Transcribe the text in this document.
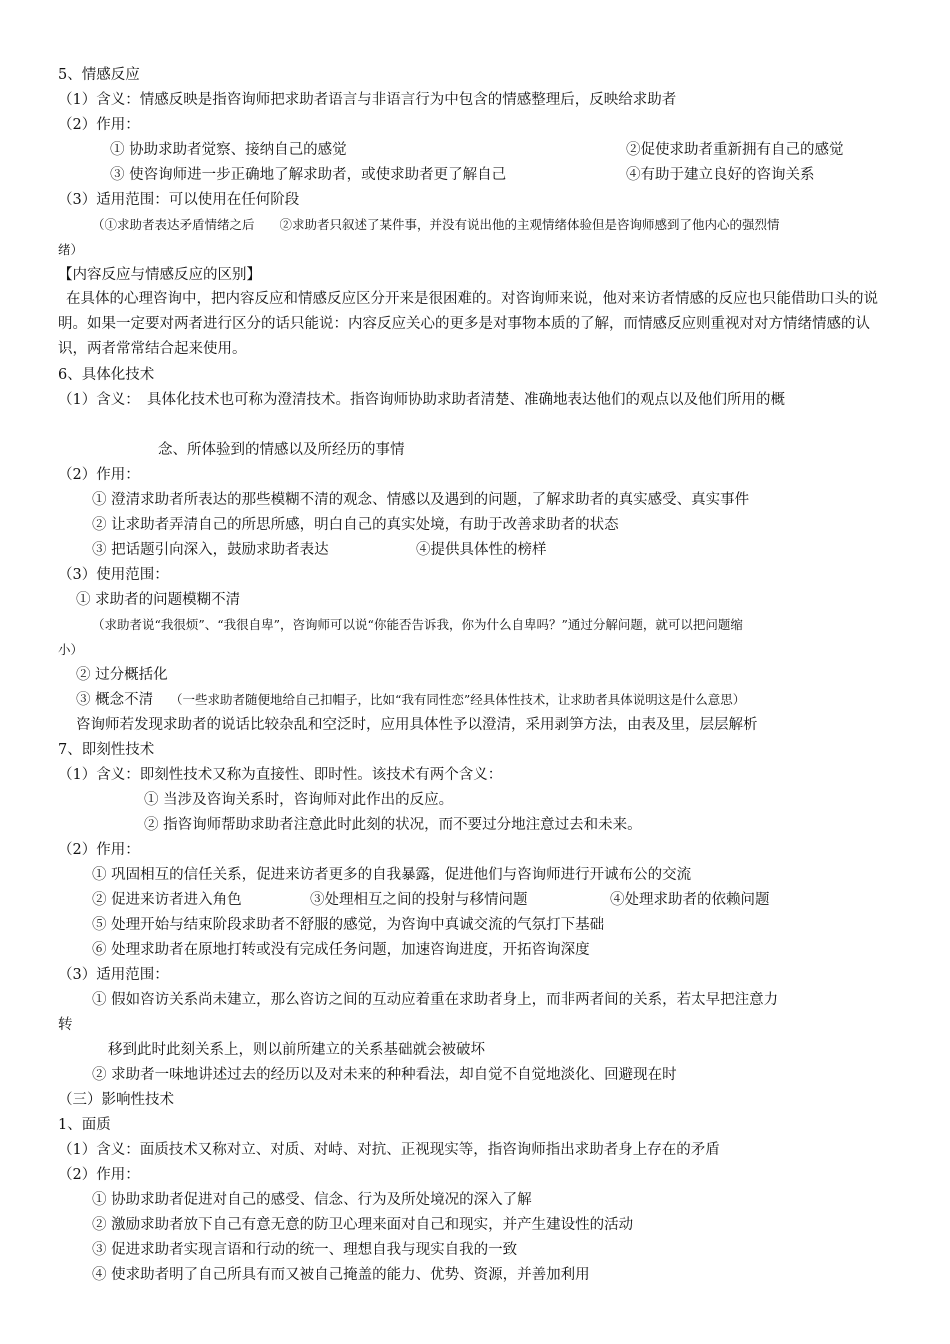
5、情感反应
（1）含义：情感反映是指咨询师把求助者语言与非语言行为中包含的情感整理后，反映给求助者
（2）作用：
① 协助求助者觉察、接纳自己的感觉	②促使求助者重新拥有自己的感觉
③ 使咨询师进一步正确地了解求助者，或使求助者更了解自己	④有助于建立良好的咨询关系
（3）适用范围：可以使用在任何阶段
（①求助者表达矛盾情绪之后　　②求助者只叙述了某件事，并没有说出他的主观情绪体验但是咨询师感到了他内心的强烈情
绪）
【内容反应与情感反应的区别】
在具体的心理咨询中，把内容反应和情感反应区分开来是很困难的。对咨询师来说，他对来访者情感的反应也只能借助口头的说明。如果一定要对两者进行区分的话只能说：内容反应关心的更多是对事物本质的了解，而情感反应则重视对对方情绪情感的认识，两者常常结合起来使用。
6、具体化技术
（1）含义：　具体化技术也可称为澄清技术。指咨询师协助求助者清楚、准确地表达他们的观点以及他们所用的概
念、所体验到的情感以及所经历的事情
（2）作用：
① 澄清求助者所表达的那些模糊不清的观念、情感以及遇到的问题，了解求助者的真实感受、真实事件
② 让求助者弄清自己的所思所感，明白自己的真实处境，有助于改善求助者的状态
③ 把话题引向深入，鼓励求助者表达	④提供具体性的榜样
（3）使用范围：
① 求助者的问题模糊不清
（求助者说“我很烦”、“我很自卑”，咨询师可以说“你能否告诉我，你为什么自卑吗？”通过分解问题，就可以把问题缩
小）
② 过分概括化
③ 概念不清 （一些求助者随便地给自己扣帽子，比如“我有同性恋”经具体性技术，让求助者具体说明这是什么意思）
咨询师若发现求助者的说话比较杂乱和空泛时，应用具体性予以澄清，采用剥笋方法，由表及里，层层解析
7、即刻性技术
（1）含义：即刻性技术又称为直接性、即时性。该技术有两个含义：
① 当涉及咨询关系时，咨询师对此作出的反应。
② 指咨询师帮助求助者注意此时此刻的状况，而不要过分地注意过去和未来。
（2）作用：
① 巩固相互的信任关系，促进来访者更多的自我暴露，促进他们与咨询师进行开诚布公的交流
② 促进来访者进入角色	③处理相互之间的投射与移情问题	④处理求助者的依赖问题
⑤ 处理开始与结束阶段求助者不舒服的感觉，为咨询中真诚交流的气氛打下基础
⑥ 处理求助者在原地打转或没有完成任务问题，加速咨询进度，开拓咨询深度
（3）适用范围：
① 假如咨访关系尚未建立，那么咨访之间的互动应着重在求助者身上，而非两者间的关系，若太早把注意力
转
移到此时此刻关系上，则以前所建立的关系基础就会被破坏
② 求助者一味地讲述过去的经历以及对未来的种种看法，却自觉不自觉地淡化、回避现在时
（三）影响性技术
1、面质
（1）含义：面质技术又称对立、对质、对峙、对抗、正视现实等，指咨询师指出求助者身上存在的矛盾
（2）作用：
① 协助求助者促进对自己的感受、信念、行为及所处境况的深入了解
② 激励求助者放下自己有意无意的防卫心理来面对自己和现实，并产生建设性的活动
③ 促进求助者实现言语和行动的统一、理想自我与现实自我的一致
④ 使求助者明了自己所具有而又被自己掩盖的能力、优势、资源，并善加利用
